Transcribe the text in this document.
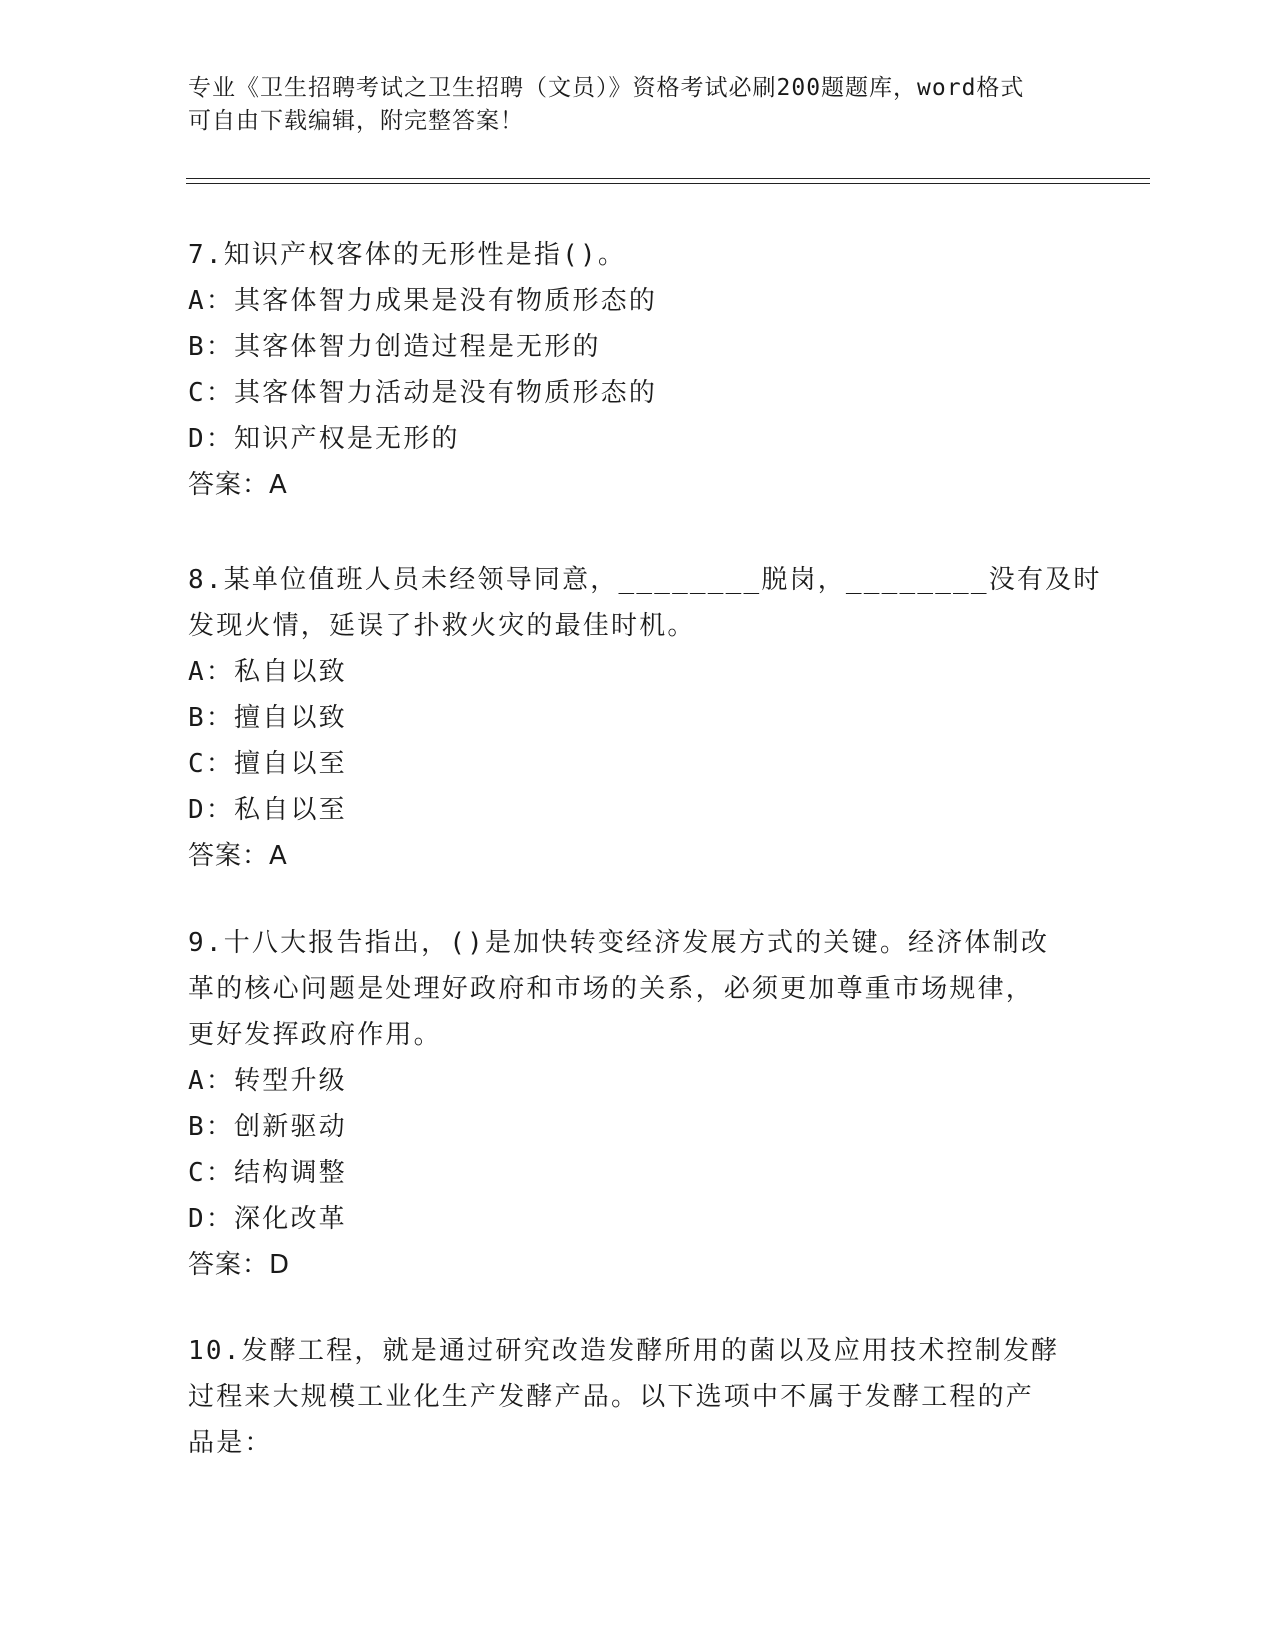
专业《卫生招聘考试之卫生招聘（文员）》资格考试必刷200题题库，word格式
可自由下载编辑，附完整答案！
7.知识产权客体的无形性是指()。
A：其客体智力成果是没有物质形态的
B：其客体智力创造过程是无形的
C：其客体智力活动是没有物质形态的
D：知识产权是无形的
答案：A
8.某单位值班人员未经领导同意，________脱岗，________没有及时
发现火情，延误了扑救火灾的最佳时机。
A：私自以致
B：擅自以致
C：擅自以至
D：私自以至
答案：A
9.十八大报告指出，()是加快转变经济发展方式的关键。经济体制改
革的核心问题是处理好政府和市场的关系，必须更加尊重市场规律，
更好发挥政府作用。
A：转型升级
B：创新驱动
C：结构调整
D：深化改革
答案：D
10.发酵工程，就是通过研究改造发酵所用的菌以及应用技术控制发酵
过程来大规模工业化生产发酵产品。以下选项中不属于发酵工程的产
品是：
